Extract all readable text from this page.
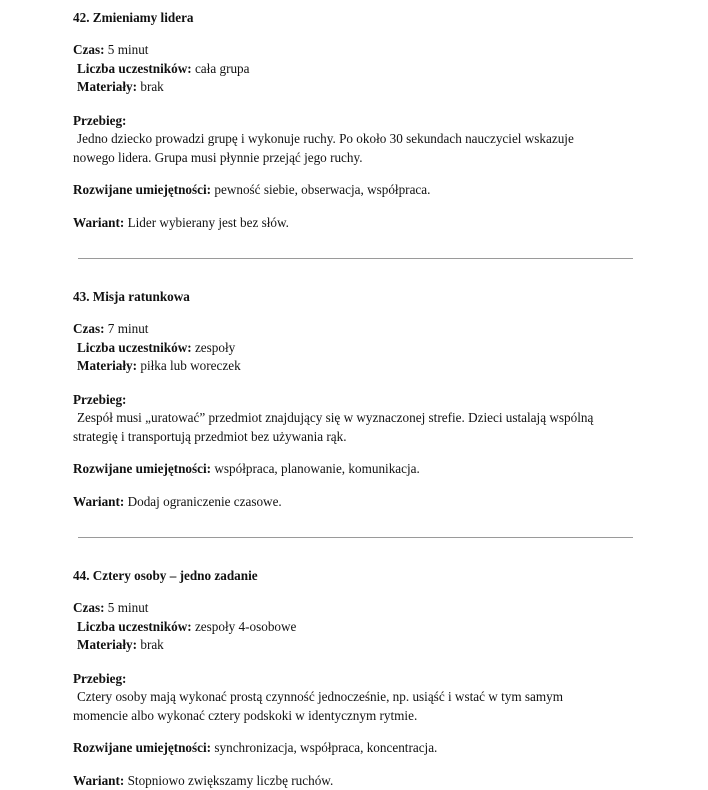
42. Zmieniamy lidera

Czas: 5 minut

Liczba uczestników: cała grupa

Materiały: brak

Przebieg:

Jedno dziecko prowadzi grupę i wykonuje ruchy. Po około 30 sekundach nauczyciel wskazuje

nowego lidera. Grupa musi płynnie przejąć jego ruchy.

Rozwijane umiejętności: pewność siebie, obserwacja, współpraca.

Wariant: Lider wybierany jest bez słów.

43. Misja ratunkowa

Czas: 7 minut

Liczba uczestników: zespoły

Materiały: piłka lub woreczek

Przebieg:

Zespół musi „uratować” przedmiot znajdujący się w wyznaczonej strefie. Dzieci ustalają wspólną

strategię i transportują przedmiot bez używania rąk.

Rozwijane umiejętności: współpraca, planowanie, komunikacja.

Wariant: Dodaj ograniczenie czasowe.

44. Cztery osoby – jedno zadanie

Czas: 5 minut

Liczba uczestników: zespoły 4-osobowe

Materiały: brak

Przebieg:

Cztery osoby mają wykonać prostą czynność jednocześnie, np. usiąść i wstać w tym samym

momencie albo wykonać cztery podskoki w identycznym rytmie.

Rozwijane umiejętności: synchronizacja, współpraca, koncentracja.

Wariant: Stopniowo zwiększamy liczbę ruchów.
